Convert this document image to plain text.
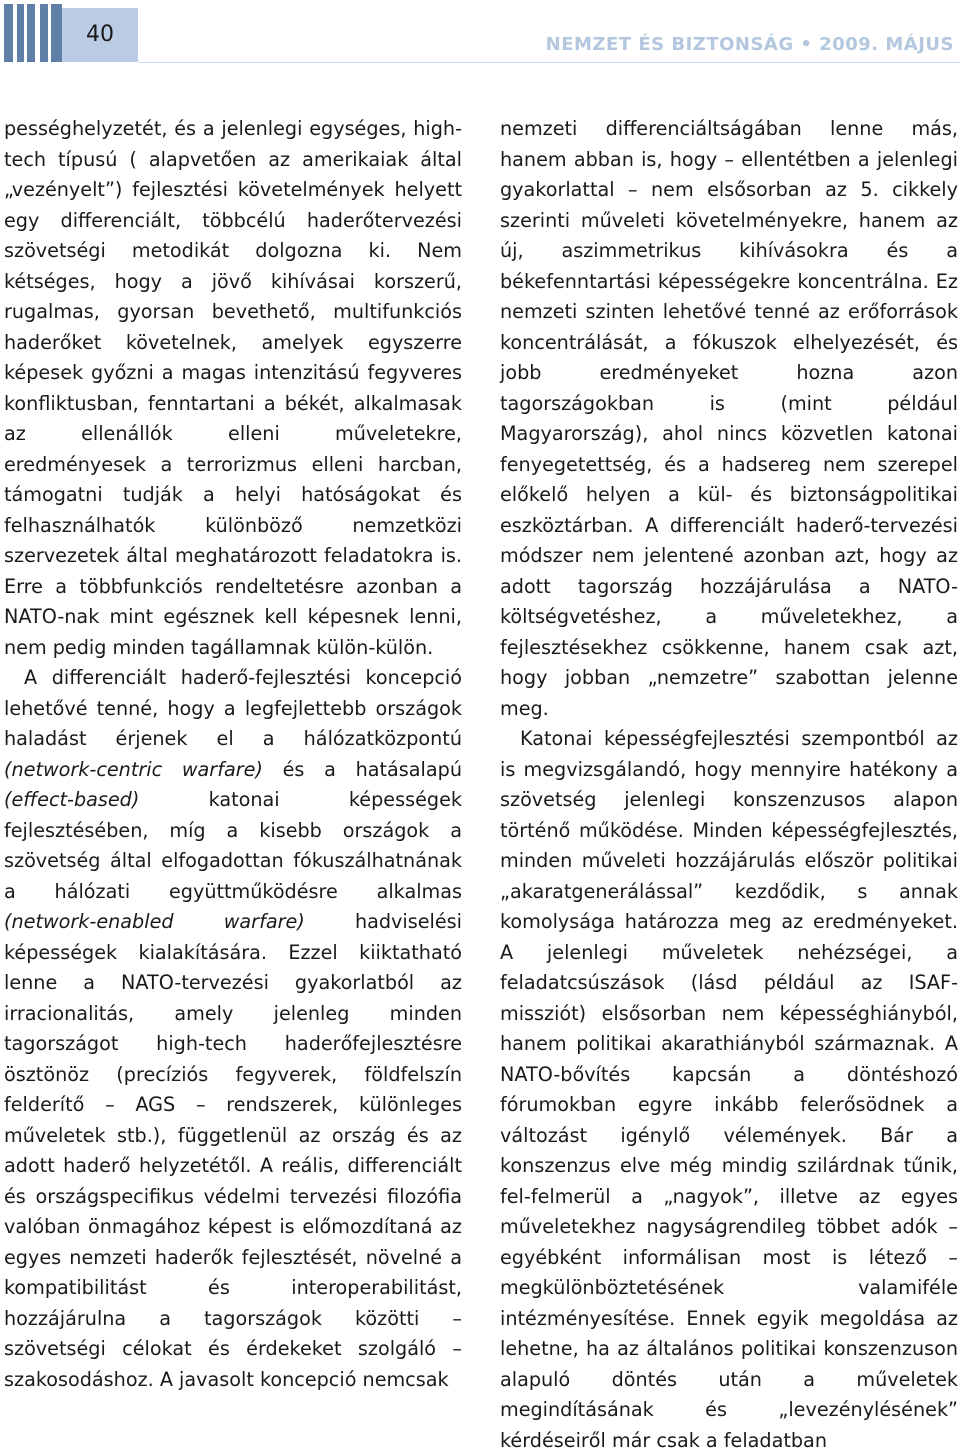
40	NEMZET ÉS BIZTONSÁG • 2009. MÁJUS

pességhelyzetét, és a jelenlegi egységes, high-tech típusú ( alapvetően az amerikaiak által „vezényelt”) fejlesztési követelmények helyett egy differenciált, többcélú haderőtervezési szövetségi metodikát dolgozna ki. Nem kétséges, hogy a jövő kihívásai korszerű, rugalmas, gyorsan bevethető, multifunkciós haderőket követelnek, amelyek egyszerre képesek győzni a magas intenzitású fegyveres konfliktusban, fenntartani a békét, alkalmasak az ellenállók elleni műveletekre, eredményesek a terrorizmus elleni harcban, támogatni tudják a helyi hatóságokat és felhasználhatók különböző nemzetközi szervezetek által meghatározott feladatokra is. Erre a többfunkciós rendeltetésre azonban a NATO-nak mint egésznek kell képesnek lenni, nem pedig minden tagállamnak külön-külön.

A differenciált haderő-fejlesztési koncepció lehetővé tenné, hogy a legfejlettebb országok haladást érjenek el a hálózatközpontú (network-centric warfare) és a hatásalapú (effect-based) katonai képességek fejlesztésében, míg a kisebb országok a szövetség által elfogadottan fókuszálhatnának a hálózati együttműködésre alkalmas (network-enabled warfare) hadviselési képességek kialakítására. Ezzel kiiktatható lenne a NATO-tervezési gyakorlatból az irracionalitás, amely jelenleg minden tagországot high-tech haderőfejlesztésre ösztönöz (precíziós fegyverek, földfelszín felderítő – AGS – rendszerek, különleges műveletek stb.), függetlenül az ország és az adott haderő helyzetétől. A reális, differenciált és országspecifikus védelmi tervezési filozófia valóban önmagához képest is előmozdítaná az egyes nemzeti haderők fejlesztését, növelné a kompatibilitást és interoperabilitást, hozzájárulna a tagországok közötti – szövetségi célokat és érdekeket szolgáló – szakosodáshoz. A javasolt koncepció nemcsak

nemzeti differenciáltságában lenne más, hanem abban is, hogy – ellentétben a jelenlegi gyakorlattal – nem elsősorban az 5. cikkely szerinti műveleti követelményekre, hanem az új, aszimmetrikus kihívásokra és a békefenntartási képességekre koncentrálna. Ez nemzeti szinten lehetővé tenné az erőforrások koncentrálását, a fókuszok elhelyezését, és jobb eredményeket hozna azon tagországokban is (mint például Magyarország), ahol nincs közvetlen katonai fenyegetettség, és a hadsereg nem szerepel előkelő helyen a kül- és biztonságpolitikai eszköztárban. A differenciált haderő-tervezési módszer nem jelentené azonban azt, hogy az adott tagország hozzájárulása a NATO-költségvetéshez, a műveletekhez, a fejlesztésekhez csökkenne, hanem csak azt, hogy jobban „nemzetre” szabottan jelenne meg.

Katonai képességfejlesztési szempontból az is megvizsgálandó, hogy mennyire hatékony a szövetség jelenlegi konszenzusos alapon történő működése. Minden képességfejlesztés, minden műveleti hozzájárulás először politikai „akaratgenerálással” kezdődik, s annak komolysága határozza meg az eredményeket. A jelenlegi műveletek nehézségei, a feladatcsúszások (lásd például az ISAF-missziót) elsősorban nem képességhiányból, hanem politikai akarathiányból származnak. A NATO-bővítés kapcsán a döntéshozó fórumokban egyre inkább felerősödnek a változást igénylő vélemények. Bár a konszenzus elve még mindig szilárdnak tűnik, fel-felmerül a „nagyok”, illetve az egyes műveletekhez nagyságrendileg többet adók – egyébként informálisan most is létező – megkülönböztetésének valamiféle intézményesítése. Ennek egyik megoldása az lehetne, ha az általános politikai konszenzuson alapuló döntés után a műveletek megindításának és „levezénylésének” kérdéseiről már csak a feladatban
